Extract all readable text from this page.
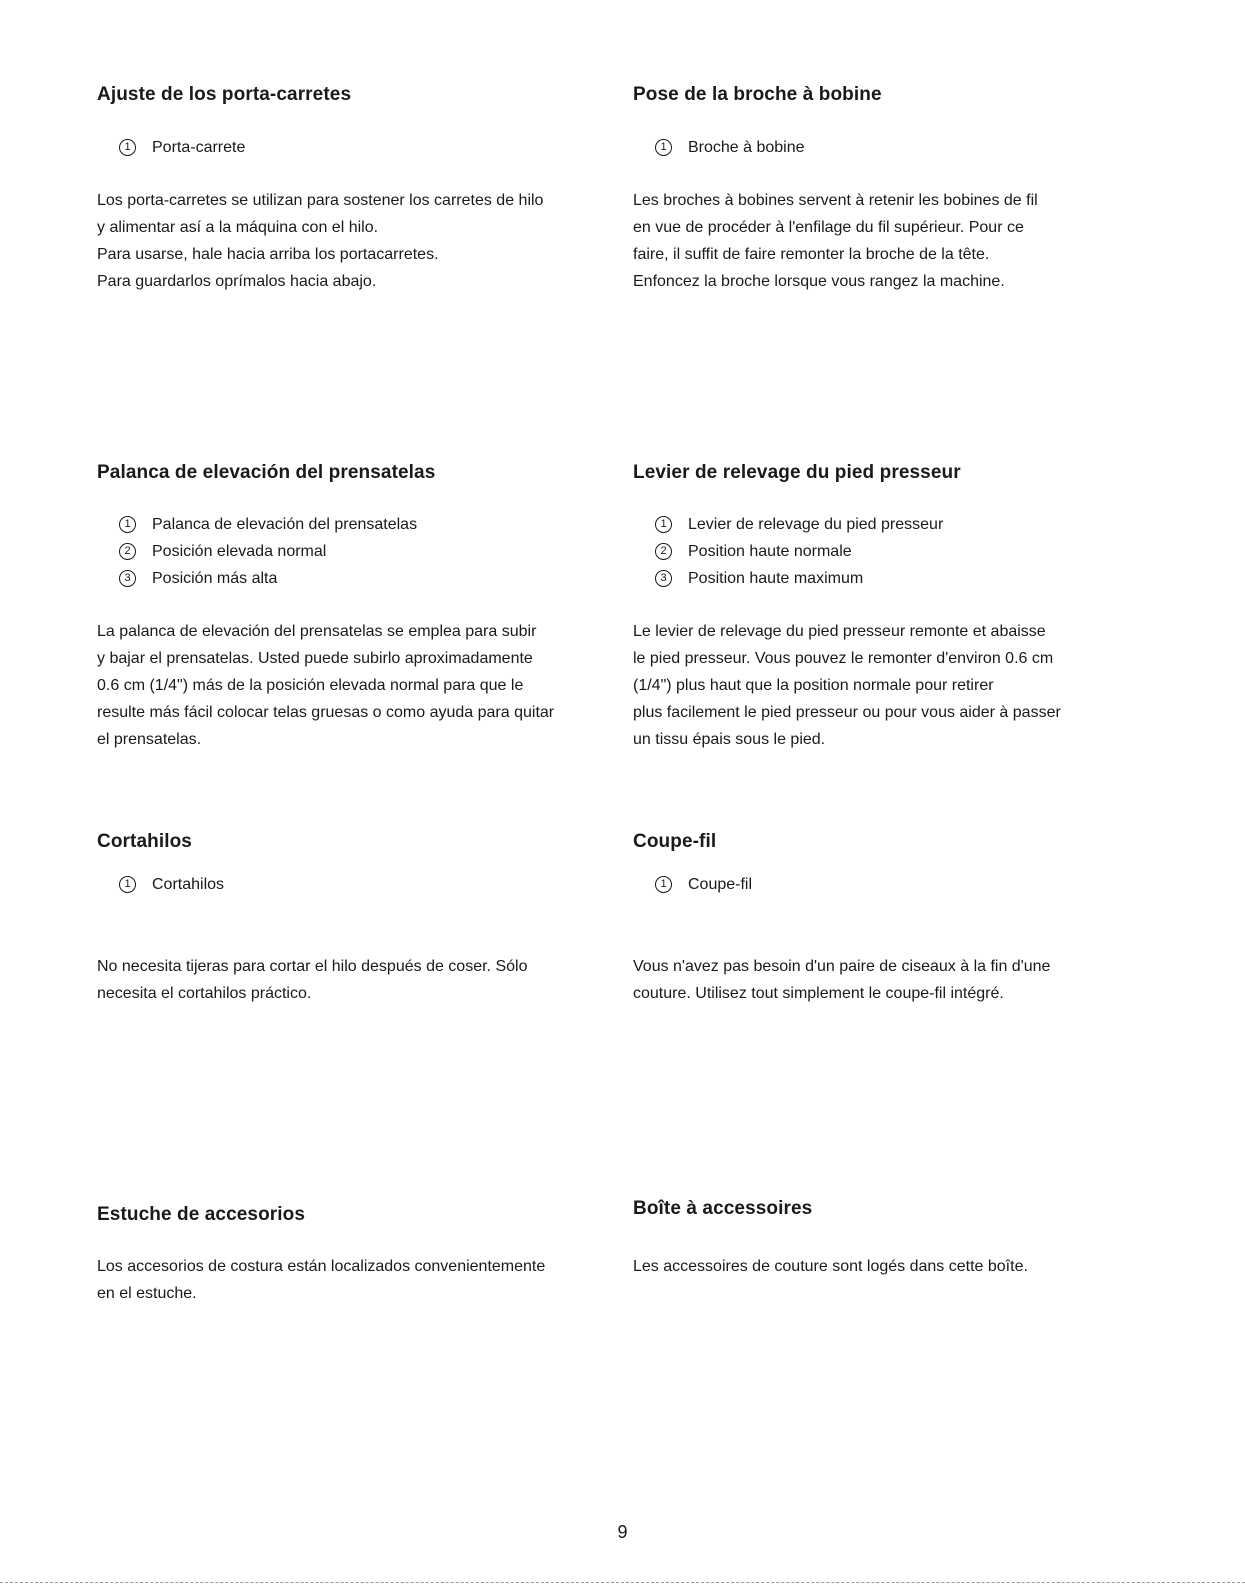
Ajuste de los porta-carretes
1	Porta-carrete

Los porta-carretes se utilizan para sostener los carretes de hilo
y alimentar así a la máquina con el hilo.
Para usarse, hale hacia arriba los portacarretes.
Para guardarlos oprímalos hacia abajo.

Pose de la broche à bobine
1	Broche à bobine

Les broches à bobines servent à retenir les bobines de fil
en vue de procéder à l'enfilage du fil supérieur. Pour ce
faire, il suffit de faire remonter la broche de la tête.
Enfoncez la broche lorsque vous rangez la machine.

Palanca de elevación del prensatelas
1	Palanca de elevación del prensatelas
2	Posición elevada normal
3	Posición más alta

La palanca de elevación del prensatelas se emplea para subir
y bajar el prensatelas. Usted puede subirlo aproximadamente
0.6 cm (1/4") más de la posición elevada normal para que le
resulte más fácil colocar telas gruesas o como ayuda para quitar
el prensatelas.

Levier de relevage du pied presseur
1	Levier de relevage du pied presseur
2	Position haute normale
3	Position haute maximum

Le levier de relevage du pied presseur remonte et abaisse
le pied presseur. Vous pouvez le remonter d'environ 0.6 cm
(1/4") plus haut que la position normale pour retirer
plus facilement le pied presseur ou pour vous aider à passer
un tissu épais sous le pied.

Cortahilos
1	Cortahilos

No necesita tijeras para cortar el hilo después de coser. Sólo
necesita el cortahilos práctico.

Coupe-fil
1	Coupe-fil

Vous n'avez pas besoin d'un paire de ciseaux à la fin d'une
couture. Utilisez tout simplement le coupe-fil intégré.

Estuche de accesorios

Los accesorios de costura están localizados convenientemente
en el estuche.

Boîte à accessoires

Les accessoires de couture sont logés dans cette boîte.

9
